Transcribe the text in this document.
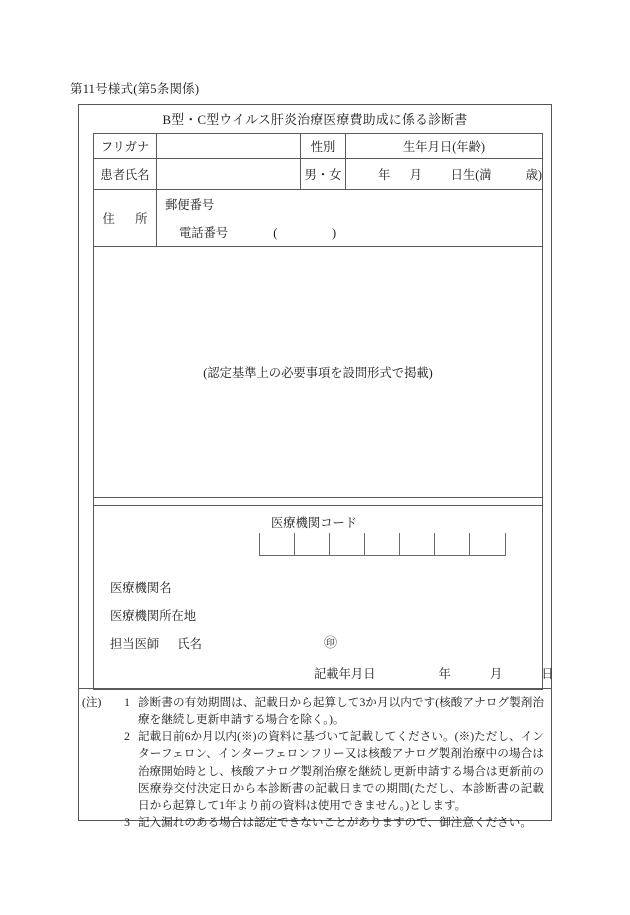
第11号様式(第5条関係)
B型・C型ウイルス肝炎治療医療費助成に係る診断書
フリガナ		性別	生年月日(年齢)
患者氏名		男・女	年 月 日生(満 歳)

住　所	郵便番号
電話番号 (　　)		

(認定基準上の必要事項を設問形式で掲載)			

医療機関コード
医療機関名
医療機関所在地
担当医師 氏名	㊞
記載年月日	年	月	日
(注)	1 診断書の有効期間は、記載日から起算して3か月以内です(核酸アナログ製剤治療を継続し更新申請する場合を除く。)。
2 記載日前6か月以内(※)の資料に基づいて記載してください。(※)ただし、インターフェロン、インターフェロンフリー又は核酸アナログ製剤治療中の場合は治療開始時とし、核酸アナログ製剤治療を継続し更新申請する場合は更新前の医療券交付決定日から本診断書の記載日までの期間(ただし、本診断書の記載日から起算して1年より前の資料は使用できません。)とします。
3 記入漏れのある場合は認定できないことがありますので、御注意ください。
